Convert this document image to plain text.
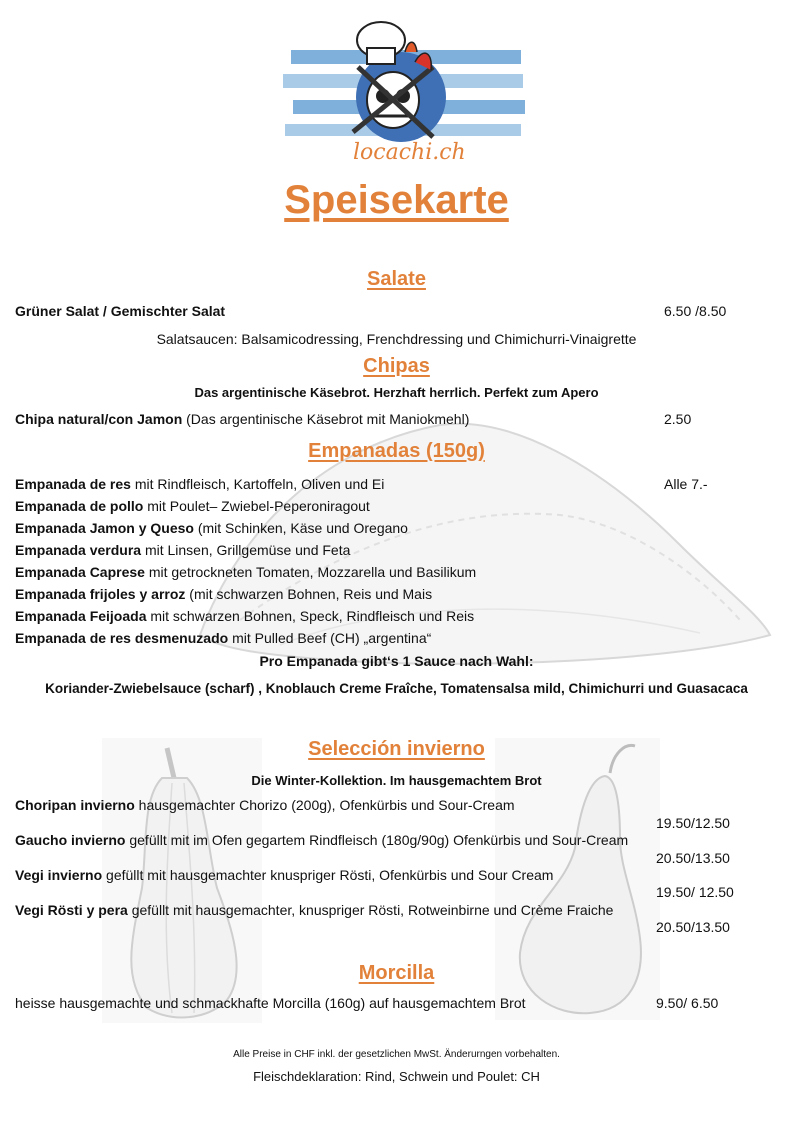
locachi.ch
Speisekarte
Salate
Grüner Salat / Gemischter Salat	6.50 /8.50
Salatsaucen: Balsamicodressing, Frenchdressing und Chimichurri-Vinaigrette
Chipas
Das argentinische Käsebrot. Herzhaft herrlich. Perfekt zum Apero
Chipa natural/con Jamon (Das argentinische Käsebrot mit Maniokmehl)	2.50
Empanadas (150g)
Alle 7.-
Empanada de res mit Rindfleisch, Kartoffeln, Oliven und Ei
Empanada de pollo mit Poulet– Zwiebel-Peperoniragout
Empanada Jamon y Queso (mit Schinken, Käse und Oregano
Empanada verdura mit Linsen, Grillgemüse und Feta
Empanada Caprese mit getrockneten Tomaten, Mozzarella und Basilikum
Empanada frijoles y arroz (mit schwarzen Bohnen, Reis und Mais
Empanada Feijoada mit schwarzen Bohnen, Speck, Rindfleisch und Reis
Empanada de res desmenuzado mit Pulled Beef (CH) „argentina“
Pro Empanada gibt‘s 1 Sauce nach Wahl:
Koriander-Zwiebelsauce (scharf) , Knoblauch Creme Fraîche, Tomatensalsa mild, Chimichurri und Guasacaca
Selección invierno
Die Winter-Kollektion. Im hausgemachtem Brot
Choripan invierno hausgemachter Chorizo (200g), Ofenkürbis und Sour-Cream
19.50/12.50
Gaucho invierno gefüllt mit im Ofen gegartem Rindfleisch (180g/90g) Ofenkürbis und Sour-Cream
20.50/13.50
Vegi invierno gefüllt mit hausgemachter knuspriger Rösti, Ofenkürbis und Sour Cream
19.50/ 12.50
Vegi Rösti y pera gefüllt mit hausgemachter, knuspriger Rösti, Rotweinbirne und Crème Fraiche
20.50/13.50
Morcilla
heisse hausgemachte und schmackhafte Morcilla (160g) auf hausgemachtem Brot	9.50/ 6.50
Alle Preise in CHF inkl. der gesetzlichen MwSt. Änderurngen vorbehalten.
Fleischdeklaration: Rind, Schwein und Poulet: CH
